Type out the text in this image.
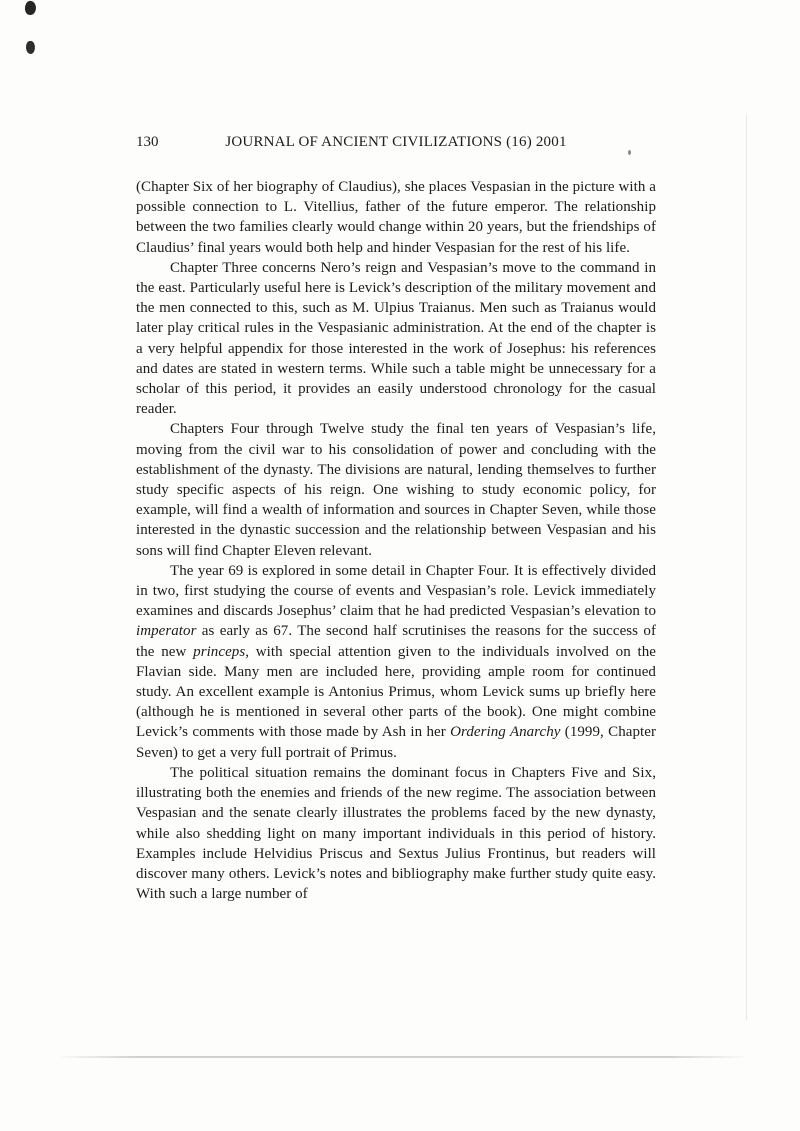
130	JOURNAL OF ANCIENT CIVILIZATIONS (16) 2001

(Chapter Six of her biography of Claudius), she places Vespasian in the picture with a possible connection to L. Vitellius, father of the future emperor. The relationship between the two families clearly would change within 20 years, but the friendships of Claudius’ final years would both help and hinder Vespasian for the rest of his life.

Chapter Three concerns Nero’s reign and Vespasian’s move to the command in the east. Particularly useful here is Levick’s description of the military movement and the men connected to this, such as M. Ulpius Traianus. Men such as Traianus would later play critical rules in the Vespasianic administration. At the end of the chapter is a very helpful appendix for those interested in the work of Josephus: his references and dates are stated in western terms. While such a table might be unnecessary for a scholar of this period, it provides an easily understood chronology for the casual reader.

Chapters Four through Twelve study the final ten years of Vespasian’s life, moving from the civil war to his consolidation of power and concluding with the establishment of the dynasty. The divisions are natural, lending themselves to further study specific aspects of his reign. One wishing to study economic policy, for example, will find a wealth of information and sources in Chapter Seven, while those interested in the dynastic succession and the relationship between Vespasian and his sons will find Chapter Eleven relevant.

The year 69 is explored in some detail in Chapter Four. It is effectively divided in two, first studying the course of events and Vespasian’s role. Levick immediately examines and discards Josephus’ claim that he had predicted Vespasian’s elevation to imperator as early as 67. The second half scrutinises the reasons for the success of the new princeps, with special attention given to the individuals involved on the Flavian side. Many men are included here, providing ample room for continued study. An excellent example is Antonius Primus, whom Levick sums up briefly here (although he is mentioned in several other parts of the book). One might combine Levick’s comments with those made by Ash in her Ordering Anarchy (1999, Chapter Seven) to get a very full portrait of Primus.

The political situation remains the dominant focus in Chapters Five and Six, illustrating both the enemies and friends of the new regime. The association between Vespasian and the senate clearly illustrates the problems faced by the new dynasty, while also shedding light on many important individuals in this period of history. Examples include Helvidius Priscus and Sextus Julius Frontinus, but readers will discover many others. Levick’s notes and bibliography make further study quite easy. With such a large number of
